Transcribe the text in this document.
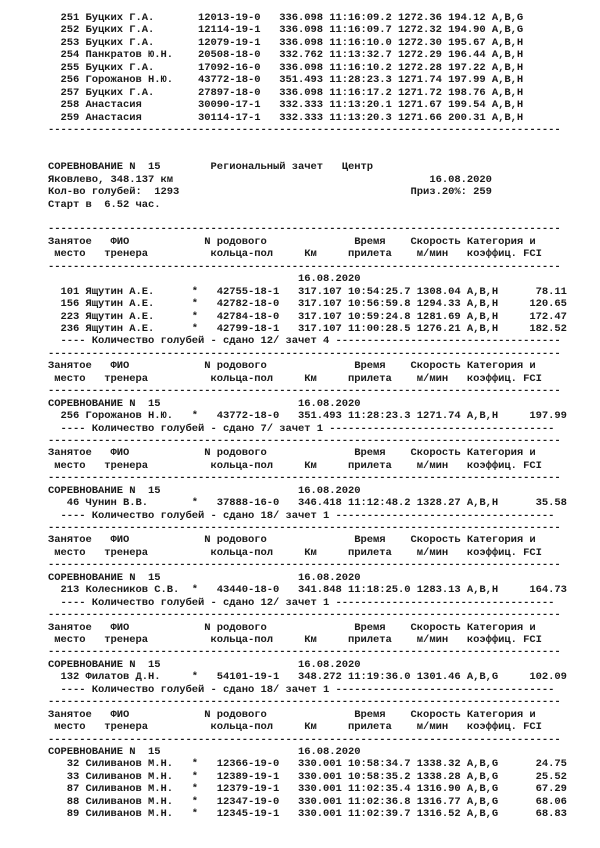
251 Буцких Г.А.       12013-19-0   336.098 11:16:09.2 1272.36 194.12 A,B,G
252 Буцких Г.А.       12114-19-1   336.098 11:16:09.7 1272.32 194.90 A,B,G
253 Буцких Г.А.       12079-19-1   336.098 11:16:10.0 1272.30 195.67 A,B,H
254 Панкратов Ю.Н.    20508-18-0   332.762 11:13:32.7 1272.29 196.44 A,B,H
255 Буцких Г.А.       17092-16-0   336.098 11:16:10.2 1272.28 197.22 A,B,H
256 Горожанов Н.Ю.    43772-18-0   351.493 11:28:23.3 1271.74 197.99 A,B,H
257 Буцких Г.А.       27897-18-0   336.098 11:16:17.2 1271.72 198.76 A,B,H
258 Анастасия         30090-17-1   332.333 11:13:20.1 1271.67 199.54 A,B,H
259 Анастасия         30114-17-1   332.333 11:13:20.3 1271.66 200.31 A,B,H
----------------------------------------------------------------------------------
СОРЕВНОВАНИЕ N  15        Региональный зачет   Центр
Яковлево, 348.137 км                                         16.08.2020
Кол-во голубей:  1293                                     Приз.20%: 259
Старт в  6.52 час.
----------------------------------------------------------------------------------
Занятое   ФИО            N родового              Время    Скорость Категория и
место   тренера          кольца-пол     Км     прилета    м/мин   коэффиц. FCI
----------------------------------------------------------------------------------
16.08.2020
101 Ящутин А.Е.      *   42755-18-1   317.107 10:54:25.7 1308.04 A,B,H      78.11
156 Ящутин А.Е.      *   42782-18-0   317.107 10:56:59.8 1294.33 A,B,H     120.65
223 Ящутин А.Е.      *   42784-18-0   317.107 10:59:24.8 1281.69 A,B,H     172.47
236 Ящутин А.Е.      *   42799-18-1   317.107 11:00:28.5 1276.21 A,B,H     182.52
---- Количество голубей - сдано 12/ зачет 4 ------------------------------------
----------------------------------------------------------------------------------
Занятое   ФИО            N родового              Время    Скорость Категория и
место   тренера          кольца-пол     Км     прилета    м/мин   коэффиц. FCI
----------------------------------------------------------------------------------
СОРЕВНОВАНИЕ N  15                      16.08.2020
256 Горожанов Н.Ю.   *   43772-18-0   351.493 11:28:23.3 1271.74 A,B,H     197.99
---- Количество голубей - сдано 7/ зачет 1 ------------------------------------
----------------------------------------------------------------------------------
Занятое   ФИО            N родового              Время    Скорость Категория и
место   тренера          кольца-пол     Км     прилета    м/мин   коэффиц. FCI
----------------------------------------------------------------------------------
СОРЕВНОВАНИЕ N  15                      16.08.2020
46 Чунин В.В.       *   37888-16-0   346.418 11:12:48.2 1328.27 A,B,H      35.58
---- Количество голубей - сдано 18/ зачет 1 -----------------------------------
----------------------------------------------------------------------------------
Занятое   ФИО            N родового              Время    Скорость Категория и
место   тренера          кольца-пол     Км     прилета    м/мин   коэффиц. FCI
----------------------------------------------------------------------------------
СОРЕВНОВАНИЕ N  15                      16.08.2020
213 Колесников С.В.  *   43440-18-0   341.848 11:18:25.0 1283.13 A,B,H     164.73
---- Количество голубей - сдано 12/ зачет 1 -----------------------------------
----------------------------------------------------------------------------------
Занятое   ФИО            N родового              Время    Скорость Категория и
место   тренера          кольца-пол     Км     прилета    м/мин   коэффиц. FCI
----------------------------------------------------------------------------------
СОРЕВНОВАНИЕ N  15                      16.08.2020
132 Филатов Д.Н.     *   54101-19-1   348.272 11:19:36.0 1301.46 A,B,G     102.09
---- Количество голубей - сдано 18/ зачет 1 -----------------------------------
----------------------------------------------------------------------------------
Занятое   ФИО            N родового              Время    Скорость Категория и
место   тренера          кольца-пол     Км     прилета    м/мин   коэффиц. FCI
----------------------------------------------------------------------------------
СОРЕВНОВАНИЕ N  15                      16.08.2020
32 Силиванов М.Н.   *   12366-19-0   330.001 10:58:34.7 1338.32 A,B,G      24.75
33 Силиванов М.Н.   *   12389-19-1   330.001 10:58:35.2 1338.28 A,B,G      25.52
87 Силиванов М.Н.   *   12379-19-1   330.001 11:02:35.4 1316.90 A,B,G      67.29
88 Силиванов М.Н.   *   12347-19-0   330.001 11:02:36.8 1316.77 A,B,G      68.06
89 Силиванов М.Н.   *   12345-19-1   330.001 11:02:39.7 1316.52 A,B,G      68.83
